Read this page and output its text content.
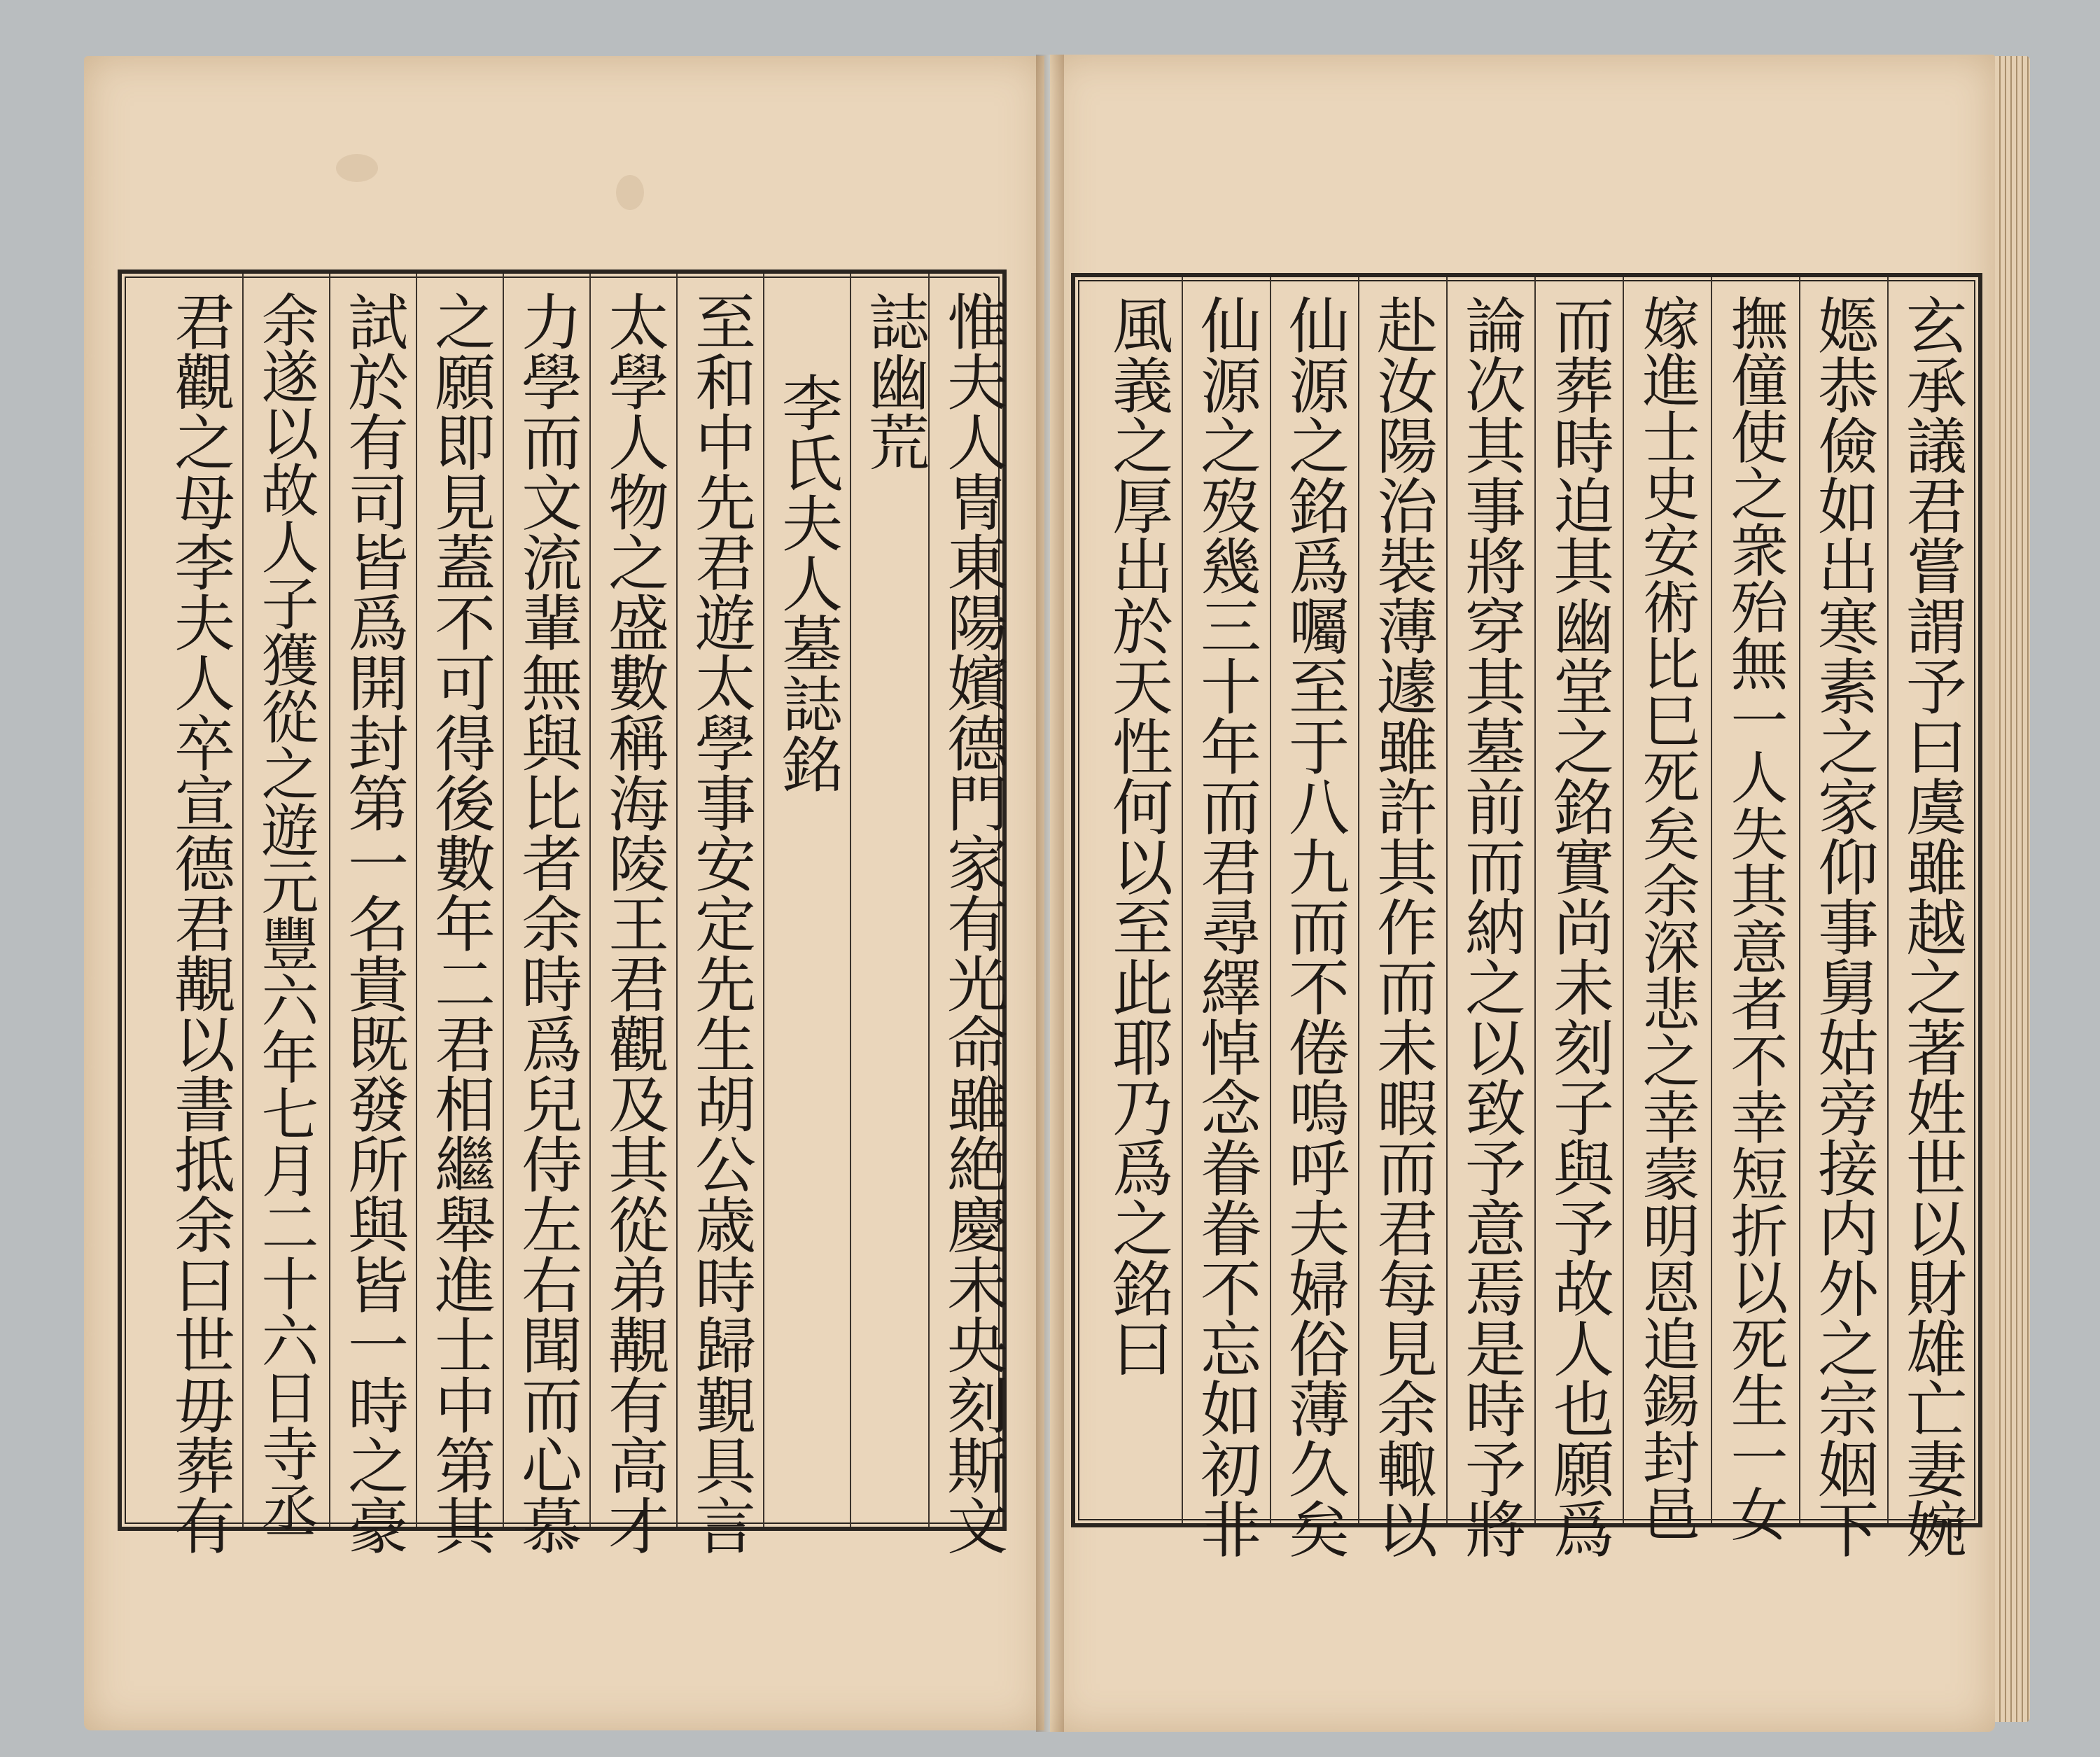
惟夫人冑東陽嬪德門家有光命雖絶慶未央刻斯文
誌幽荒
李氏夫人墓誌銘
至和中先君遊太學事安定先生胡公歳時歸覲具言
太學人物之盛數稱海陵王君觀及其從弟覯有高才
力學而文流輩無與比者余時爲兒侍左右聞而心慕
之願即見蓋不可得後數年二君相繼舉進士中第其
試於有司皆爲開封第一名貴既發所與皆一時之豪
余遂以故人子獲從之遊元豐六年七月二十六日寺丞
君觀之母李夫人卒宣德君覯以書抵余曰世毋葬有	玄承議君嘗謂予曰虞雖越之著姓世以財雄亡妻婉
嫕恭儉如出寒素之家仰事舅姑旁接内外之宗姻下
撫僮使之衆殆無一人失其意者不幸短折以死生一女
嫁進士史安術比巳死矣余深悲之幸蒙明恩追錫封邑
而葬時迫其幽堂之銘實尚未刻子與予故人也願爲
論次其事將穿其墓前而納之以致予意焉是時予將
赴汝陽治裝薄遽雖許其作而未暇而君每見余輙以
仙源之銘爲囑至于八九而不倦嗚呼夫婦俗薄久矣
仙源之歿幾三十年而君尋繹悼念眷眷不忘如初非
風義之厚出於天性何以至此耶乃爲之銘曰
